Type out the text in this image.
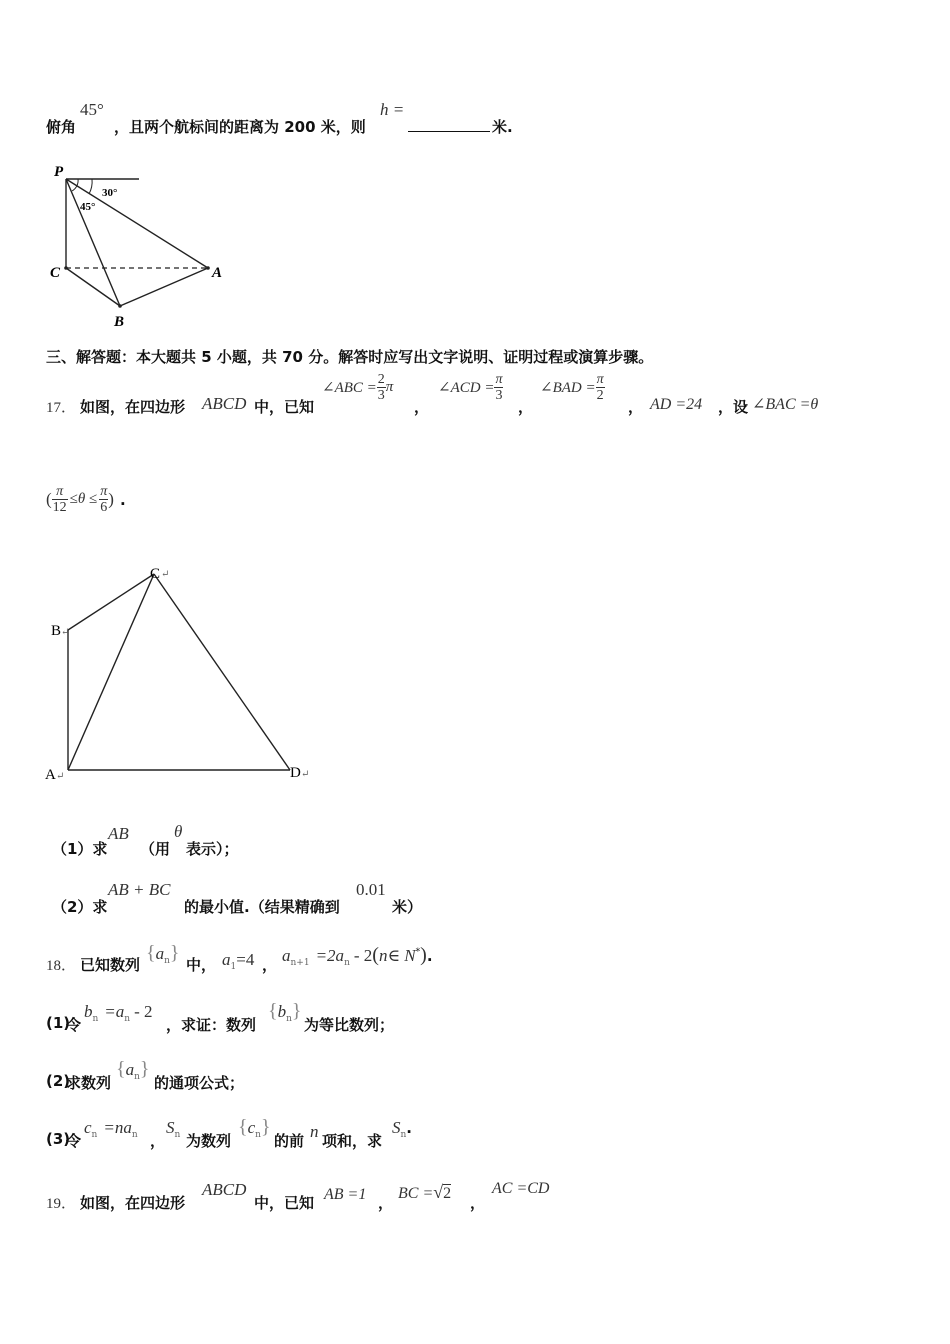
俯角
45°
，且两个航标间的距离为 200 米，则
h =
米.
P
C	A
B
30°
45°
三、解答题：本大题共 5 小题，共 70 分。解答时应写出文字说明、证明过程或演算步骤。
17． 如图，在四边形 ABCD 中，已知
∠ABC = $\frac{2}{3}$ π
，
∠ACD = $\frac{\pi}{3}$
，
∠BAD = $\frac{\pi}{2}$
， AD =24 ，设 ∠BAC =θ
( $\frac{\pi}{12} \le\theta \le \frac{\pi}{6}$ ) .
A ↵
B ↵
C ↵
D ↵
（1）求
AB
（用
θ
表示）；
（2）求
AB + BC
的最小值.（结果精确到
0.01
米）
18． 已知数列
$\{a_n\}$
中， $a_1=4$ ， $a_{n+1} =2a_n$ - 2(n∈ N*).
(1)
令
$b_n =a_n - 2$
，求证：数列
$\{b_n\}$
为等比数列；
(2)
求数列
$\{a_n\}$
的通项公式；
(3)
令
$c_n =na_n$ ，
$S_n$ 为数列
$\{c_n\}$
的前 n 项和，求
$S_n$.
19． 如图，在四边形
ABCD
中，已知 AB =1 ，
BC =√2
，
AC =CD
